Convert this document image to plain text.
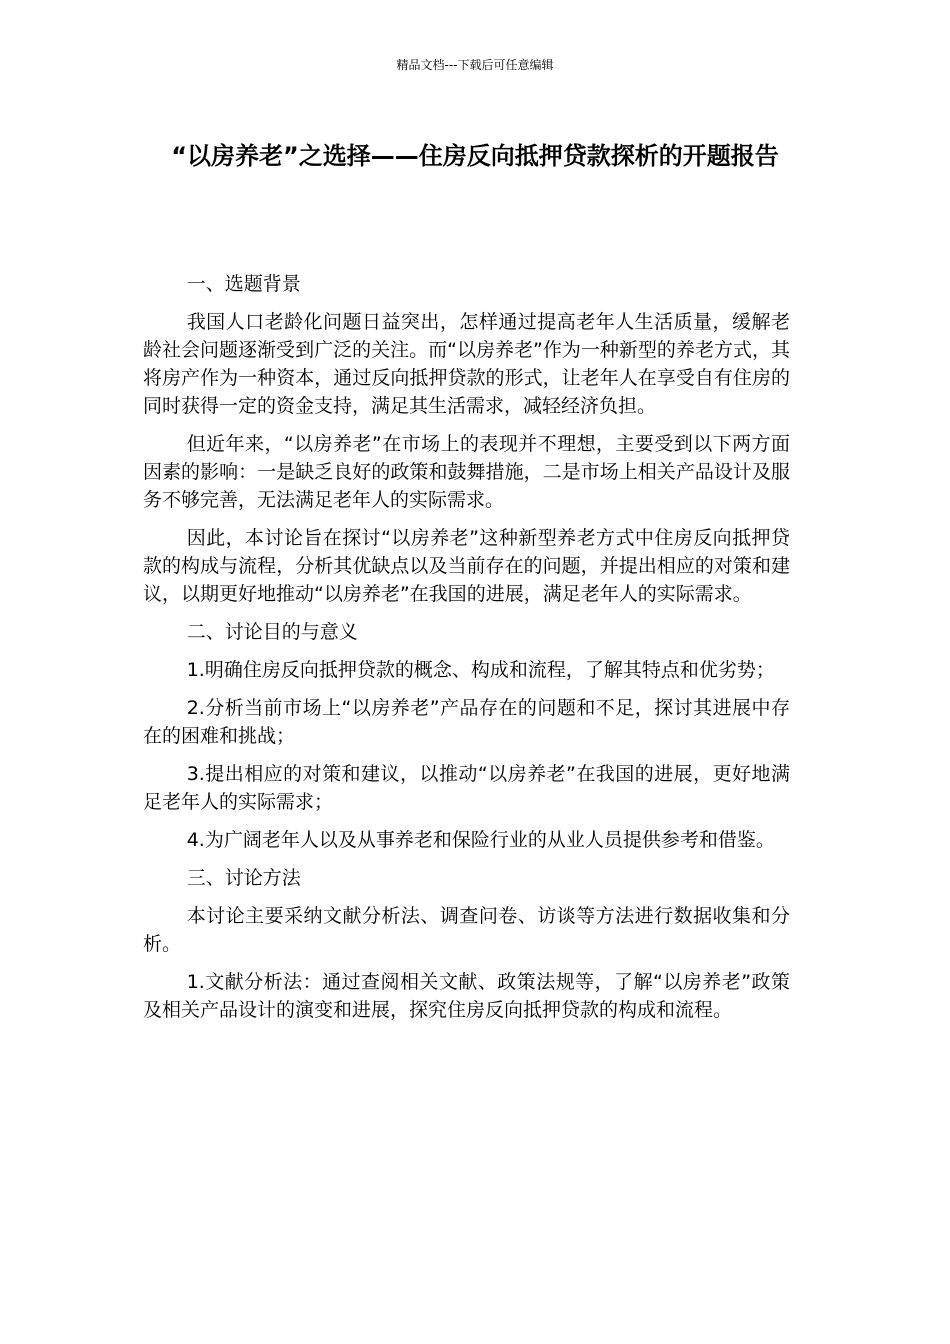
精品文档---下载后可任意编辑
“以房养老”之选择——住房反向抵押贷款探析的开题报告

一、选题背景

我国人口老龄化问题日益突出，怎样通过提高老年人生活质量，缓解老龄社会问题逐渐受到广泛的关注。而“以房养老”作为一种新型的养老方式，其将房产作为一种资本，通过反向抵押贷款的形式，让老年人在享受自有住房的同时获得一定的资金支持，满足其生活需求，减轻经济负担。

但近年来，“以房养老”在市场上的表现并不理想，主要受到以下两方面因素的影响：一是缺乏良好的政策和鼓舞措施，二是市场上相关产品设计及服务不够完善，无法满足老年人的实际需求。

因此，本讨论旨在探讨“以房养老”这种新型养老方式中住房反向抵押贷款的构成与流程，分析其优缺点以及当前存在的问题，并提出相应的对策和建议，以期更好地推动“以房养老”在我国的进展，满足老年人的实际需求。

二、讨论目的与意义

1.明确住房反向抵押贷款的概念、构成和流程，了解其特点和优劣势；

2.分析当前市场上“以房养老”产品存在的问题和不足，探讨其进展中存在的困难和挑战；

3.提出相应的对策和建议，以推动“以房养老”在我国的进展，更好地满足老年人的实际需求；

4.为广阔老年人以及从事养老和保险行业的从业人员提供参考和借鉴。

三、讨论方法

本讨论主要采纳文献分析法、调查问卷、访谈等方法进行数据收集和分析。

1.文献分析法：通过查阅相关文献、政策法规等，了解“以房养老”政策及相关产品设计的演变和进展，探究住房反向抵押贷款的构成和流程。
